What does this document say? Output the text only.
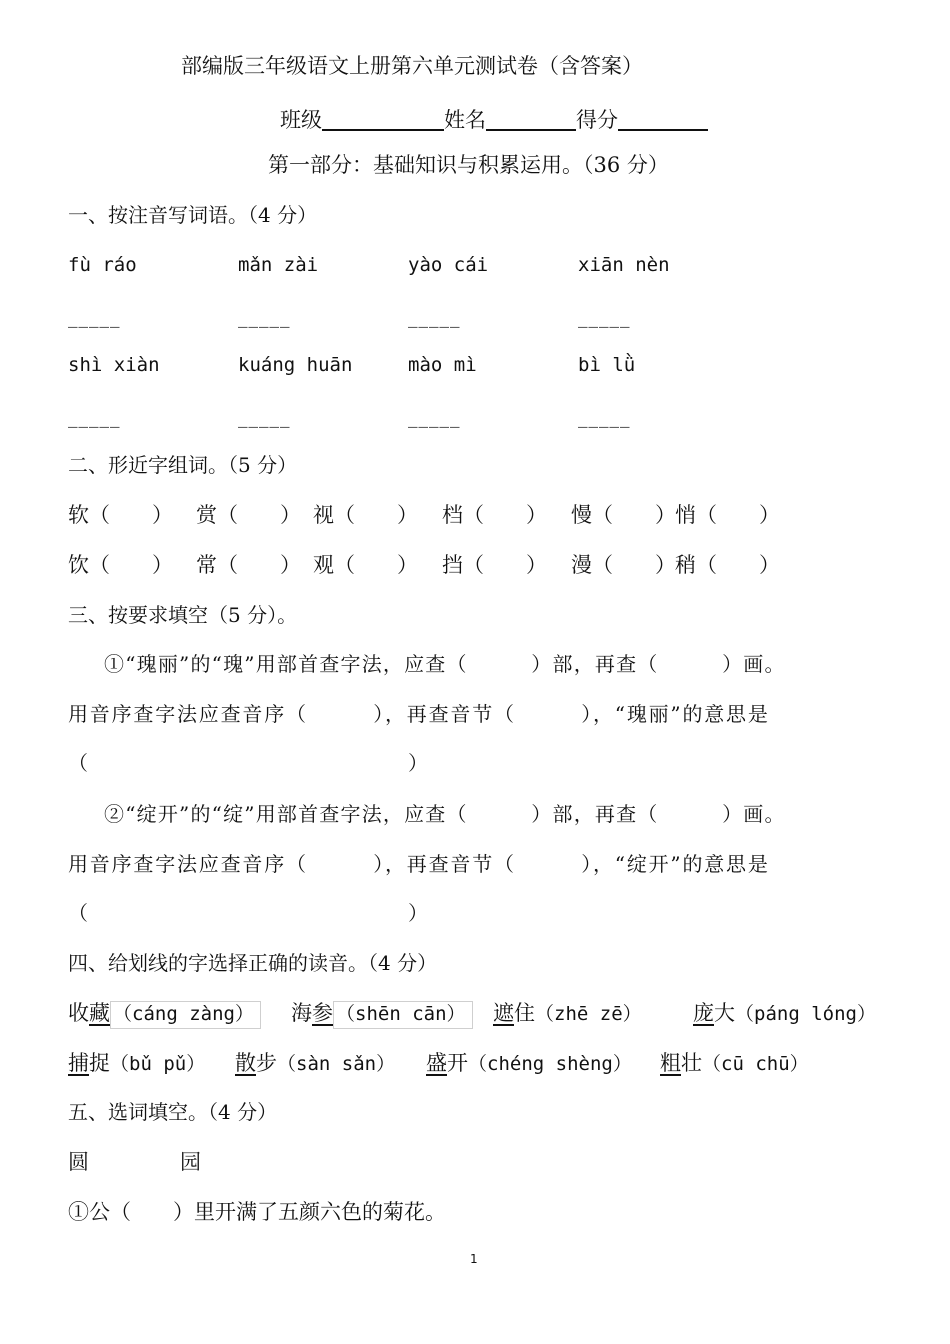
部编版三年级语文上册第六单元测试卷（含答案）
班级	姓名	得分
第一部分：基础知识与积累运用。（36 分）
一、按注音写词语。（4 分）
fù ráo	mǎn zài	yào cái	xiān nèn
_____	_____	_____	_____
shì xiàn	kuáng huān	mào mì	bì lǜ
_____	_____	_____	_____
二、形近字组词。（5 分）
软（　　） 赏（　　） 视（　　） 档（　　） 慢（　　） 悄（　　）
饮（　　） 常（　　） 观（　　） 挡（　　） 漫（　　） 稍（　　）
三、按要求填空（5 分）。
①“瑰丽”的“瑰”用部首查字法，应查（　　　）部，再查（　　　）画。
用音序查字法应查音序（　　　），再查音节（　　　），“瑰丽”的意思是
（　　　　　　　　　　　　　　　　）
②“绽开”的“绽”用部首查字法，应查（　　　）部，再查（　　　）画。
用音序查字法应查音序（　　　），再查音节（　　　），“绽开”的意思是
（　　　　　　　　　　　　　　　　）
四、给划线的字选择正确的读音。（4 分）
收藏 （cáng zàng）	海参 （shēn cān）	遮住（zhē zē） 庞大（páng lóng）
捕捉（bǔ pǔ） 散步（sàn sǎn） 盛开（chéng shèng） 粗壮（cū chū）
五、选词填空。（4 分）
圆	园
①公（　　）里开满了五颜六色的菊花。
1
